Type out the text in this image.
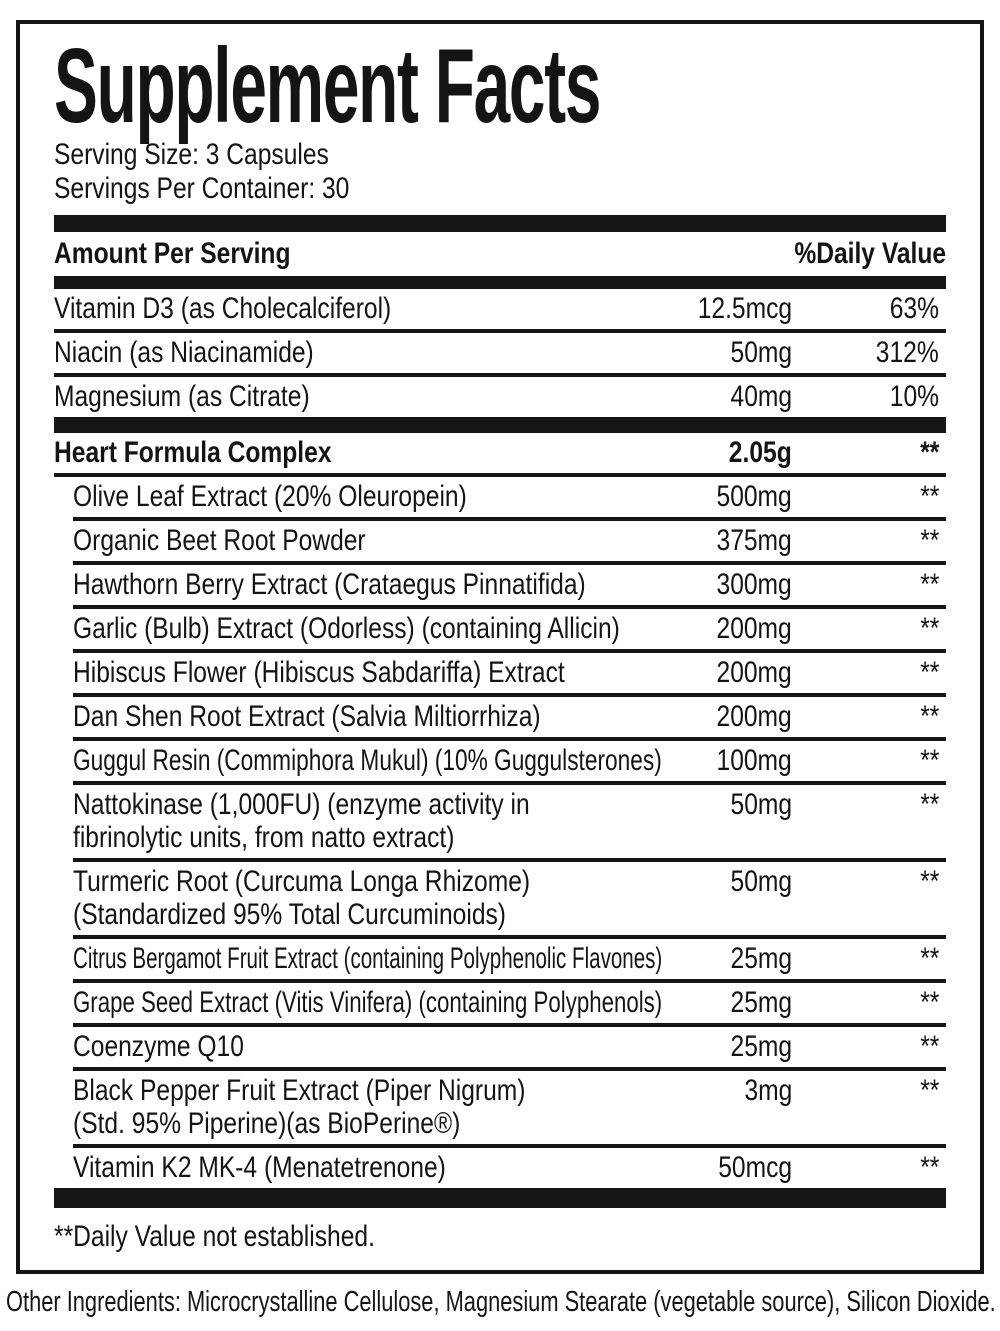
Supplement Facts
Serving Size: 3 Capsules
Servings Per Container: 30
Amount Per Serving	%Daily Value
Vitamin D3 (as Cholecalciferol)	12.5mcg	63%
Niacin (as Niacinamide)	50mg	312%
Magnesium (as Citrate)	40mg	10%
Heart Formula Complex	2.05g	**
Olive Leaf Extract (20% Oleuropein)	500mg	**
Organic Beet Root Powder	375mg	**
Hawthorn Berry Extract (Crataegus Pinnatifida)	300mg	**
Garlic (Bulb) Extract (Odorless) (containing Allicin)	200mg	**
Hibiscus Flower (Hibiscus Sabdariffa) Extract	200mg	**
Dan Shen Root Extract (Salvia Miltiorrhiza)	200mg	**
Guggul Resin (Commiphora Mukul) (10% Guggulsterones)	100mg	**
Nattokinase (1,000FU) (enzyme activity in
fibrinolytic units, from natto extract)
50mg	**
Turmeric Root (Curcuma Longa Rhizome)
(Standardized 95% Total Curcuminoids)
50mg	**
Citrus Bergamot Fruit Extract (containing Polyphenolic Flavones)	25mg	**
Grape Seed Extract (Vitis Vinifera) (containing Polyphenols)	25mg	**
Coenzyme Q10	25mg	**
Black Pepper Fruit Extract (Piper Nigrum)
(Std. 95% Piperine)(as BioPerine®)
3mg	**
Vitamin K2 MK-4 (Menatetrenone)	50mcg	**
**Daily Value not established.
Other Ingredients: Microcrystalline Cellulose, Magnesium Stearate (vegetable source), Silicon Dioxide.
